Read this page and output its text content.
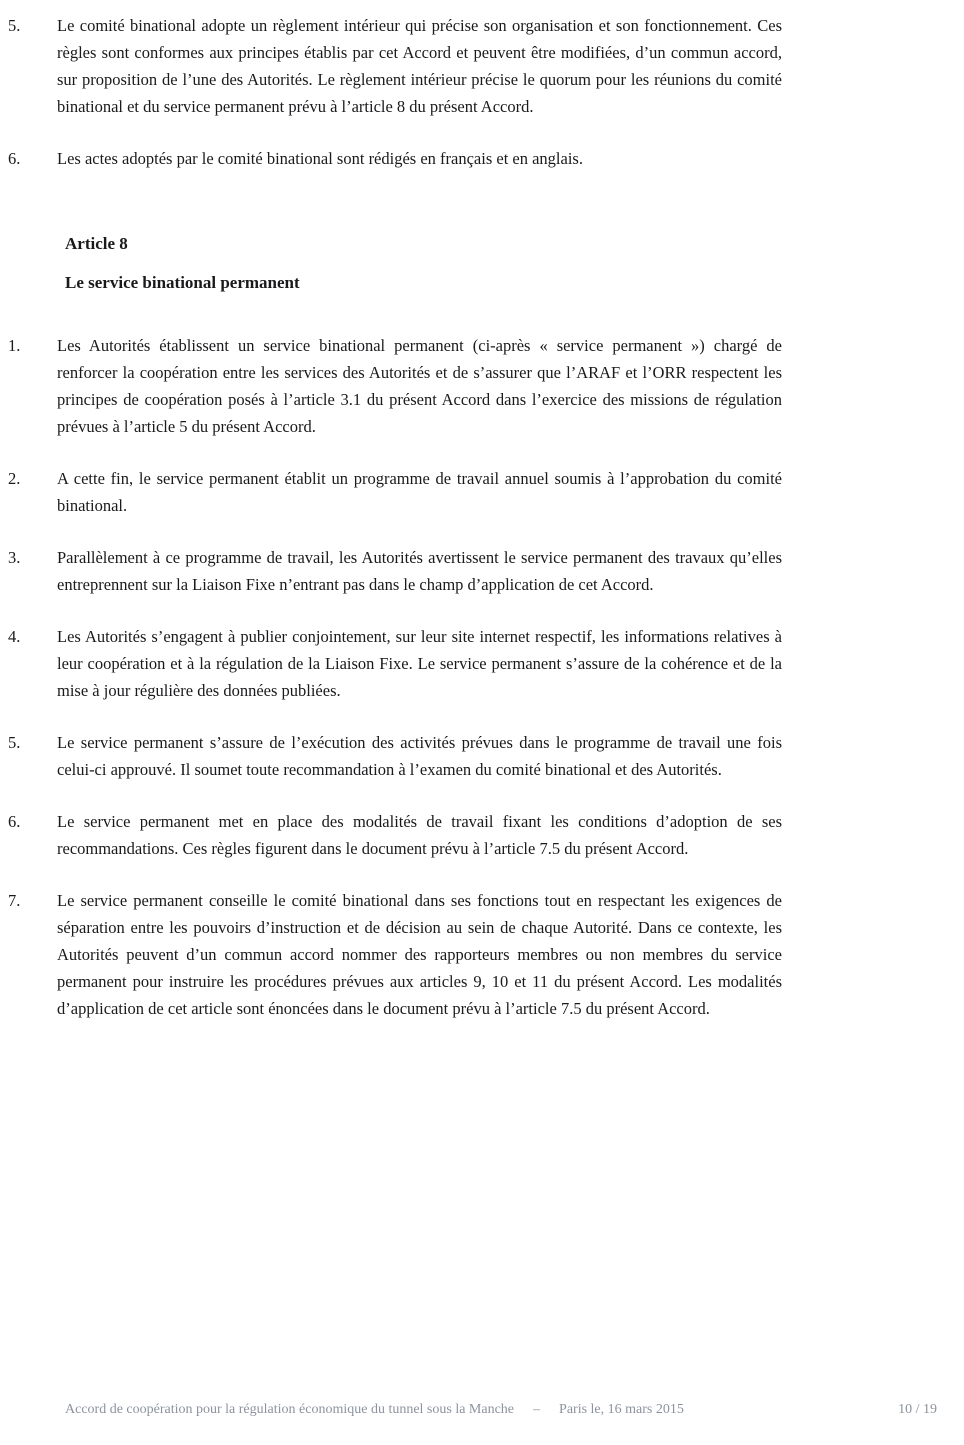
5.	Le comité binational adopte un règlement intérieur qui précise son organisation et son fonctionnement. Ces règles sont conformes aux principes établis par cet Accord et peuvent être modifiées, d’un commun accord, sur proposition de l’une des Autorités. Le règlement intérieur précise le quorum pour les réunions du comité binational et du service permanent prévu à l’article 8 du présent Accord.

6.	Les actes adoptés par le comité binational sont rédigés en français et en anglais.

Article 8
Le service binational permanent
1.	Les Autorités établissent un service binational permanent (ci-après « service permanent ») chargé de renforcer la coopération entre les services des Autorités et de s’assurer que l’ARAF et l’ORR respectent les principes de coopération posés à l’article 3.1 du présent Accord dans l’exercice des missions de régulation prévues à l’article 5 du présent Accord.

2.	A cette fin, le service permanent établit un programme de travail annuel soumis à l’approbation du comité binational.

3.	Parallèlement à ce programme de travail, les Autorités avertissent le service permanent des travaux qu’elles entreprennent sur la Liaison Fixe n’entrant pas dans le champ d’application de cet Accord.

4.	Les Autorités s’engagent à publier conjointement, sur leur site internet respectif, les informations relatives à leur coopération et à la régulation de la Liaison Fixe. Le service permanent s’assure de la cohérence et de la mise à jour régulière des données publiées.

5.	Le service permanent s’assure de l’exécution des activités prévues dans le programme de travail une fois celui-ci approuvé. Il soumet toute recommandation à l’examen du comité binational et des Autorités.

6.	Le service permanent met en place des modalités de travail fixant les conditions d’adoption de ses recommandations. Ces règles figurent dans le document prévu à l’article 7.5 du présent Accord.

7.	Le service permanent conseille le comité binational dans ses fonctions tout en respectant les exigences de séparation entre les pouvoirs d’instruction et de décision au sein de chaque Autorité. Dans ce contexte, les Autorités peuvent d’un commun accord nommer des rapporteurs membres ou non membres du service permanent pour instruire les procédures prévues aux articles 9, 10 et 11 du présent Accord. Les modalités d’application de cet article sont énoncées dans le document prévu à l’article 7.5 du présent Accord.

Accord de coopération pour la régulation économique du tunnel sous la Manche – Paris le, 16 mars 2015	10 / 19
